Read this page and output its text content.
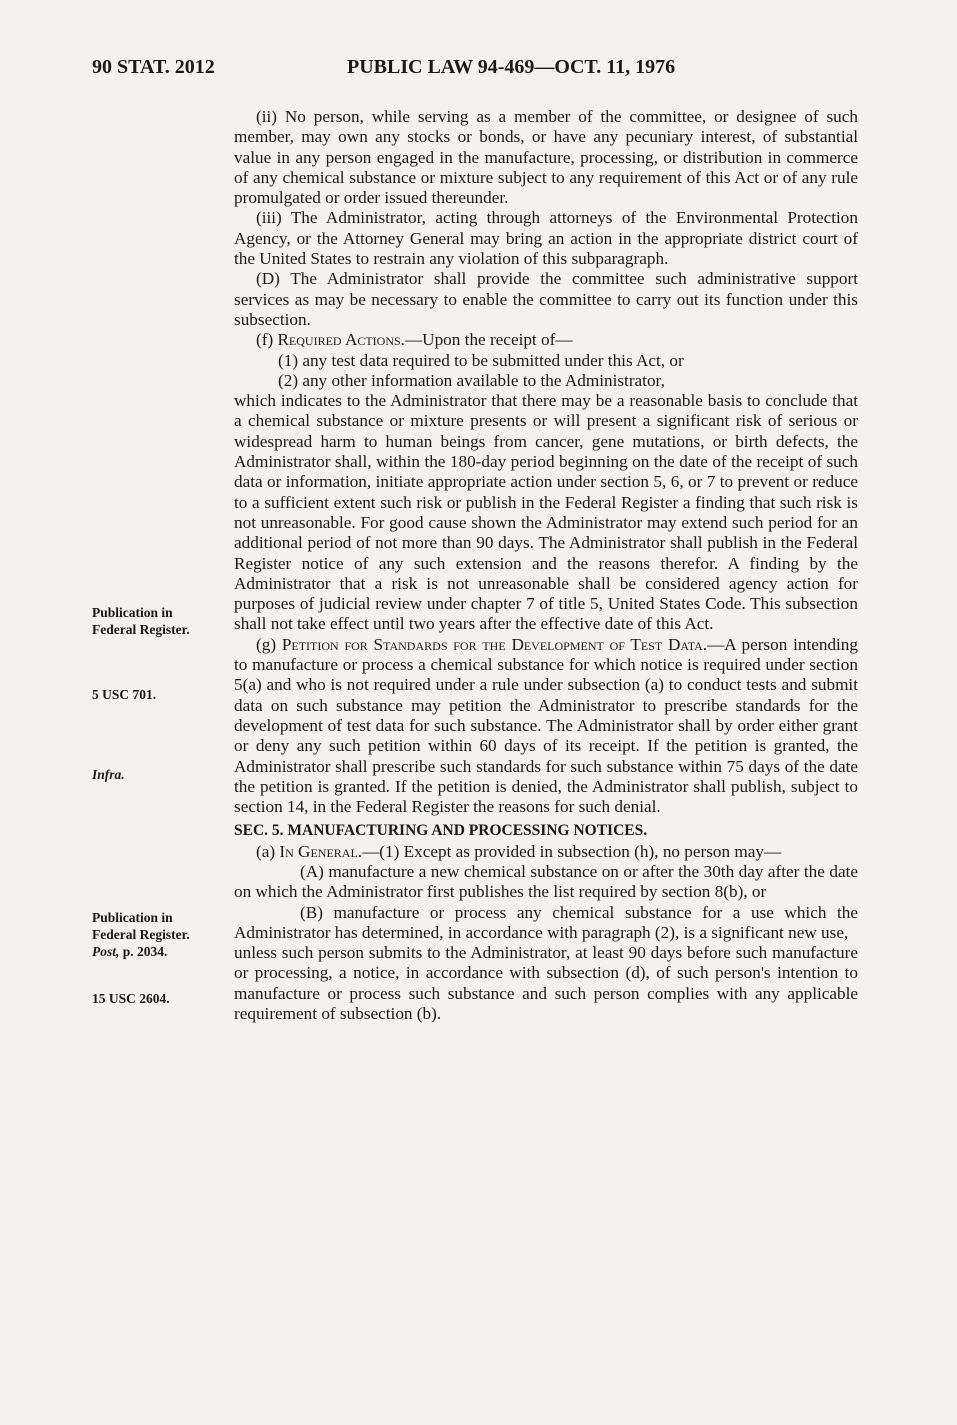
90 STAT. 2012	PUBLIC LAW 94-469—OCT. 11, 1976
Publication in
Federal Register.
5 USC 701.
Infra.
Publication in
Federal Register.
Post, p. 2034.
15 USC 2604.

(ii) No person, while serving as a member of the committee, or designee of such member, may own any stocks or bonds, or have any pecuniary interest, of substantial value in any person engaged in the manufacture, processing, or distribution in commerce of any chemical substance or mixture subject to any requirement of this Act or of any rule promulgated or order issued thereunder.

(iii) The Administrator, acting through attorneys of the Environmental Protection Agency, or the Attorney General may bring an action in the appropriate district court of the United States to restrain any violation of this subparagraph.

(D) The Administrator shall provide the committee such administrative support services as may be necessary to enable the committee to carry out its function under this subsection.

(f) Required Actions.—Upon the receipt of—

(1) any test data required to be submitted under this Act, or

(2) any other information available to the Administrator,

which indicates to the Administrator that there may be a reasonable basis to conclude that a chemical substance or mixture presents or will present a significant risk of serious or widespread harm to human beings from cancer, gene mutations, or birth defects, the Administrator shall, within the 180-day period beginning on the date of the receipt of such data or information, initiate appropriate action under section 5, 6, or 7 to prevent or reduce to a sufficient extent such risk or publish in the Federal Register a finding that such risk is not unreasonable. For good cause shown the Administrator may extend such period for an additional period of not more than 90 days. The Administrator shall publish in the Federal Register notice of any such extension and the reasons therefor. A finding by the Administrator that a risk is not unreasonable shall be considered agency action for purposes of judicial review under chapter 7 of title 5, United States Code. This subsection shall not take effect until two years after the effective date of this Act.

(g) Petition for Standards for the Development of Test Data.—A person intending to manufacture or process a chemical substance for which notice is required under section 5(a) and who is not required under a rule under subsection (a) to conduct tests and submit data on such substance may petition the Administrator to prescribe standards for the development of test data for such substance. The Administrator shall by order either grant or deny any such petition within 60 days of its receipt. If the petition is granted, the Administrator shall prescribe such standards for such substance within 75 days of the date the petition is granted. If the petition is denied, the Administrator shall publish, subject to section 14, in the Federal Register the reasons for such denial.

SEC. 5. MANUFACTURING AND PROCESSING NOTICES.

(a) In General.—(1) Except as provided in subsection (h), no person may—

(A) manufacture a new chemical substance on or after the 30th day after the date on which the Administrator first publishes the list required by section 8(b), or

(B) manufacture or process any chemical substance for a use which the Administrator has determined, in accordance with paragraph (2), is a significant new use,

unless such person submits to the Administrator, at least 90 days before such manufacture or processing, a notice, in accordance with subsection (d), of such person's intention to manufacture or process such substance and such person complies with any applicable requirement of subsection (b).
